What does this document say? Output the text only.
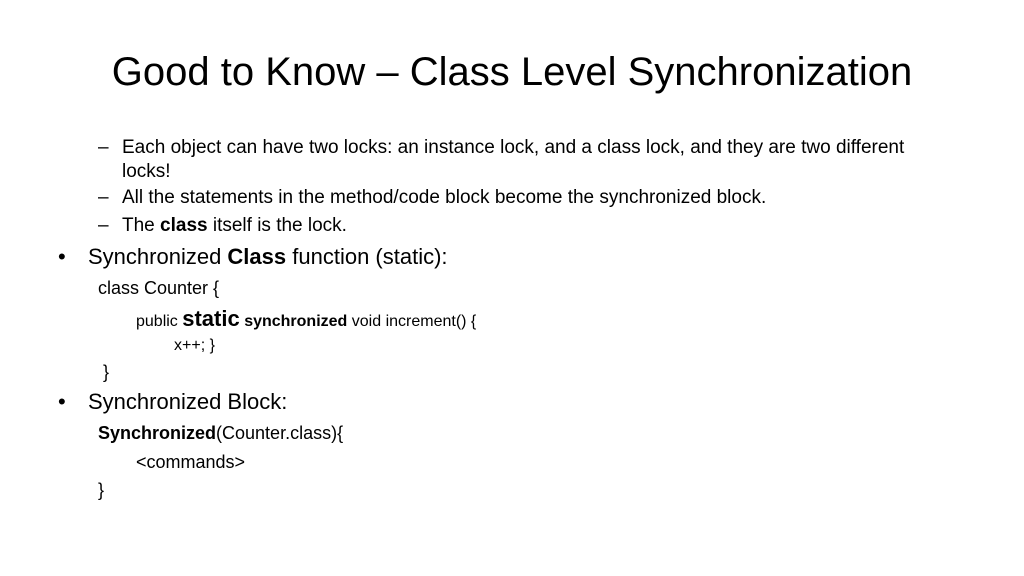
Good to Know – Class Level Synchronization
– Each object can have two locks: an instance lock, and a class lock, and they are two different locks!
– All the statements in the method/code block become the synchronized block.
– The class itself is the lock.
• Synchronized Class function (static):
class Counter {
public static synchronized void increment() {
x++; }
}
• Synchronized Block:
Synchronized(Counter.class){
<commands>
}
